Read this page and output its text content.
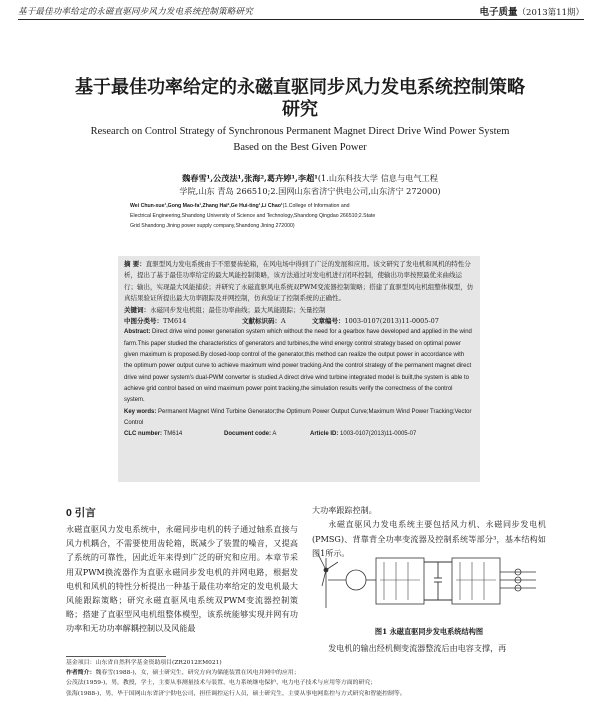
基于最佳功率给定的永磁直驱同步风力发电系统控制策略研究	电子质量（2013第11期）
基于最佳功率给定的永磁直驱同步风力发电系统控制策略
研究
Research on Control Strategy of Synchronous Permanent Magnet Direct Drive Wind Power System
Based on the Best Given Power
魏春雪¹,公茂法¹,张海²,葛卉婷¹,李超¹(1.山东科技大学 信息与电气工程
学院,山东 青岛 266510;2.国网山东省济宁供电公司,山东济宁 272000)
Wei Chun-xue¹,Gong Mao-fa¹,Zhang Hai²,Ge Hui-ting¹,Li Chao¹(1.College of Information and
Electrical Engineering,Shandong University of Science and Technology,Shandong Qingdao 266510;2.State
Grid Shandong Jining power supply company,Shandong Jining 272000)
摘 要：直驱型风力发电系统由于不需要齿轮箱，在风电场中得到了广泛的发展和应用。该文研究了发电机和风机的特性分析，提出了基于最佳功率给定的最大风能控制策略，该方法通过对发电机进行闭环控制，使输出功率按照最优来曲线运行；输出，实现最大风能捕获；并研究了永磁直驱风电系统双PWM变流器控制策略；搭建了直驱型风电机组整体模型，仿真结果验证所提出最大功率跟踪及并网控制，仿真验证了控制系统的正确性。
关键词：永磁同步发电机组；最佳功率曲线；最大风能跟踪；矢量控制
中图分类号：TM614	文献标识码：A	文章编号：1003-0107(2013)11-0005-07
Abstract: Direct drive wind power generation system which without the need for a gearbox have developed and applied in the wind farm.This paper studied the characteristics of generators and turbines,the wind energy control strategy based on optimal power given maximum is proposed.By closed-loop control of the generator,this method can realize the output power in accordance with the optimum power output curve to achieve maximum wind power tracking.And the control strategy of the permanent magnet direct drive wind power system's dual-PWM converter is studied.A direct drive wind turbine integrated model is built,the system is able to achieve grid control based on wind maximum power point tracking,the simulation results verify the correctness of the control system.
Key words: Permanent Magnet Wind Turbine Generator;the Optimum Power Output Curve;Maximum Wind Power Tracking;Vector Control
CLC number: TM614	Document code: A	Article ID: 1003-0107(2013)11-0005-07
0 引言
永磁直驱风力发电系统中，永磁同步电机的转子通过轴系直接与风力机耦合，不需要使用齿轮箱，既减少了装置的噪音，又提高了系统的可靠性，因此近年来得到广泛的研究和应用。本章节采用双PWM换流器作为直驱永磁同步发电机的并网电路，根据发电机和风机的特性分析提出一种基于最佳功率给定的发电机最大风能跟踪策略；研究永磁直驱风电系统双PWM变流器控制策略；搭建了直驱型风电机组整体模型，该系统能够实现并网有功功率和无功功率解耦控制以及风能最
大功率跟踪控制。
永磁直驱风力发电系统主要包括风力机、永磁同步发电机(PMSG)、背靠背全功率变流器及控制系统等部分³，基本结构如图1所示。
图1 永磁直驱同步发电系统结构图
发电机的输出经机侧变流器整流后由电容支撑，再
基金项目：山东省自然科学基金资助项目(ZR2012EM021)
作者简介：魏春雪(1988-)，女，硕士研究生，研究方向为储能装置在风电并网中的应用；
公茂法(1959-)，男，教授，学士，主要从事测量技术与装置、电力系统继电保护、电力电子技术与应用等方面的研究；
张海(1988-)，男，毕于国网山东省济宁供电公司，担任调控运行人员，硕士研究生，主要从事电网监控与方式研究和智能控制等。
